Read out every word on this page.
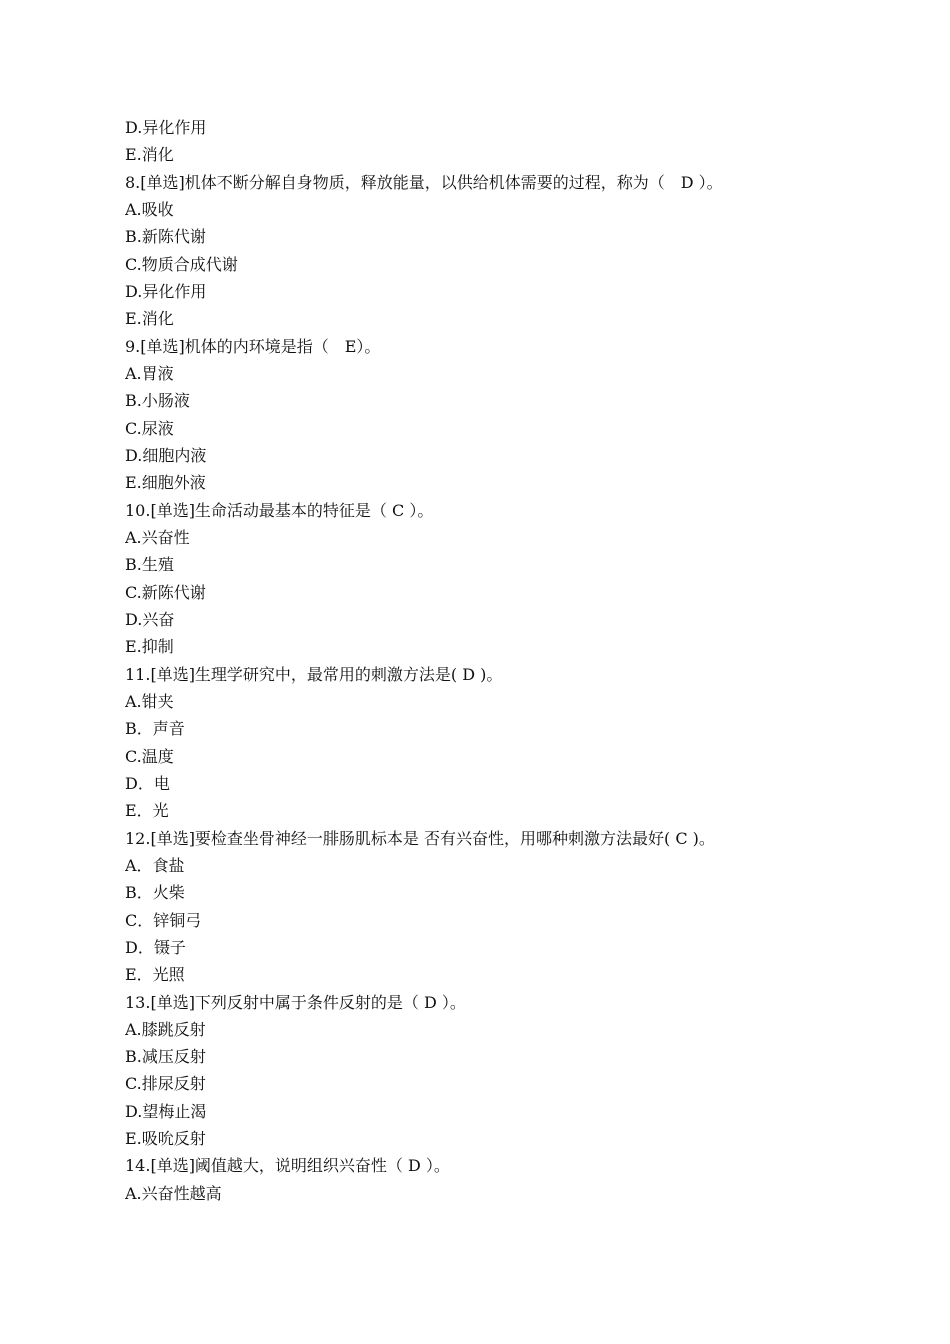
D.异化作用
E.消化
8.[单选]机体不断分解自身物质，释放能量，以供给机体需要的过程，称为（　D ）。
A.吸收
B.新陈代谢
C.物质合成代谢
D.异化作用
E.消化
9.[单选]机体的内环境是指（　E）。
A.胃液
B.小肠液
C.尿液
D.细胞内液
E.细胞外液
10.[单选]生命活动最基本的特征是（ C ）。
A.兴奋性
B.生殖
C.新陈代谢
D.兴奋
E.抑制
11.[单选]生理学研究中，最常用的刺激方法是( D )。
A.钳夹
B．声音
C.温度
D．电
E．光
12.[单选]要检查坐骨神经一腓肠肌标本是 否有兴奋性，用哪种刺激方法最好( C )。
A．食盐
B．火柴
C．锌铜弓
D．镊子
E．光照
13.[单选]下列反射中属于条件反射的是（ D ）。
A.膝跳反射
B.减压反射
C.排尿反射
D.望梅止渴
E.吸吮反射
14.[单选]阈值越大，说明组织兴奋性（ D ）。
A.兴奋性越高
